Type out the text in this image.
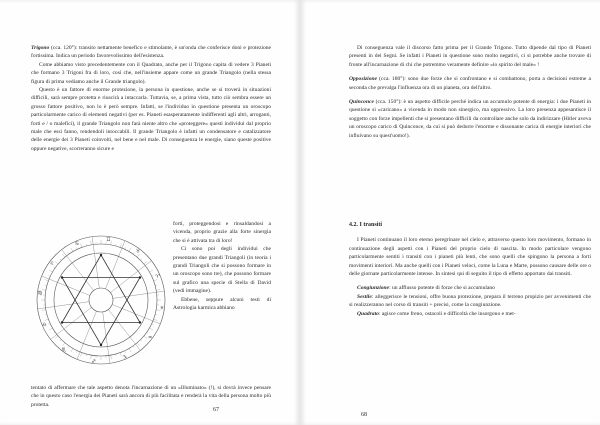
Trigono (cca. 120°): transito nettamente benefico e stimolante, è un'onda che conferisce doni e protezione fortissima. Indica un periodo favorevolissimo dell'esistenza.

Come abbiamo visto precedentemente con il Quadrato, anche per il Trigono capita di vedere 3 Pianeti che formano 3 Trigoni fra di loro, così che, nell'insieme appare come un grande Triangolo (nella stessa figura di prima vediamo anche il Grande triangolo).

Questo è un fattore di enorme protezione, la persona in questione, anche se si troverà in situazioni difficili, sarà sempre protetta e riuscirà a intaccarla. Tuttavia, se, a prima vista, tutto ciò sembra essere un grosso fattore positivo, non lo è però sempre. Infatti, se l'individuo in questione presenta un oroscopo particolarmente carico di elementi negativi (per es. Pianeti esasperatamente indifferenti agli altri, arroganti, forti e / o malefici), il grande Triangolo non farà niente altro che «proteggere» questi individui dal proprio male che essi fanno, rendendoli intoccabili. Il grande Triangolo è infatti un condensatore e catalizzatore delle energie dei 3 Pianeti coinvolti, nel bene e nel male. Di conseguenza le energie, siano queste positive oppure negative, scorreranno sicure e

♈
♉
♊
♋
♌
♍
♎
♏
♐
♑
♒
♓

forti, proteggendosi e rinsaldandosi a vicenda, proprio grazie alla forte sinergia che si è attivata tra di loro!

Ci sono poi degli individui che presentano due grandi Triangoli (in teoria i grandi Triangoli che si possono formare in un oroscopo sono tre), che possono formare sul grafico una specie di Stella di David (vedi immagine).

Ebbene, seppure alcuni testi di Astrologia karmica abbiano

tentato di affermare che tale aspetto denota l'incarnazione di un «Illuminato» (!), si dovrà invece pensare che in questo caso l'energia dei Pianeti sarà ancora di più facilitata e renderà la vita della persona molto più protetta.

67

Di conseguenza vale il discorso fatto prima per il Grande Trigono. Tutto dipende dal tipo di Pianeti presenti in dei Segni. Se infatti i Pianeti in questione sono molto negativi, ci si potrebbe anche trovare di fronte all'incarnazione di chi che potremmo veramente definire «lo spirito del male» !

Opposizione (cca. 180°): sono due forze che si confrontano e si combattono, porta a decisioni estreme a seconda che prevalga l'influenza ora di un pianeta, ora dell'altro.

Quinconce (cca. 150°): è un aspetto difficile perché indica un accumulo potente di energia: i due Pianeti in questione si «caricano» a vicenda in modo non sinergico, ma oppressivo. La loro presenza appesantisce il soggetto con forze impellenti che si presentano difficili da controllare anche solo da indirizzare (Hitler aveva un oroscopo carico di Quinconce, da cui si può dedurre l'enorme e dissonante carica di energie interiori che influivano su quest'uomo!).

4.2. I transiti

I Pianeti continuano il loro eterno peregrinare nel cielo e, attraverso questo loro movimento, formano in continuazione degli aspetti con i Pianeti del proprio cielo di nascita. In modo particolare vengono particolarmente sentiti i transiti con i pianeti più lenti, che sono quelli che spingono la persona a forti movimenti interiori. Ma anche quelli con i Pianeti veloci, come la Luna e Marte, possono causare delle ore o delle giornate particolarmente intense. In sintesi qui di seguito il tipo di effetto apportato dai transiti.

Congiunzione: un afflusso potente di forze che si accumulano

Sestile: alleggerisce le tensioni, offre buona protezione, prepara il terreno propizio per avvenimenti che si realizzeranno nel corso di transiti + precisi, come la congiunzione.

Quadrato: agisce come freno, ostacoli e difficoltà che insorgono e met-

68
